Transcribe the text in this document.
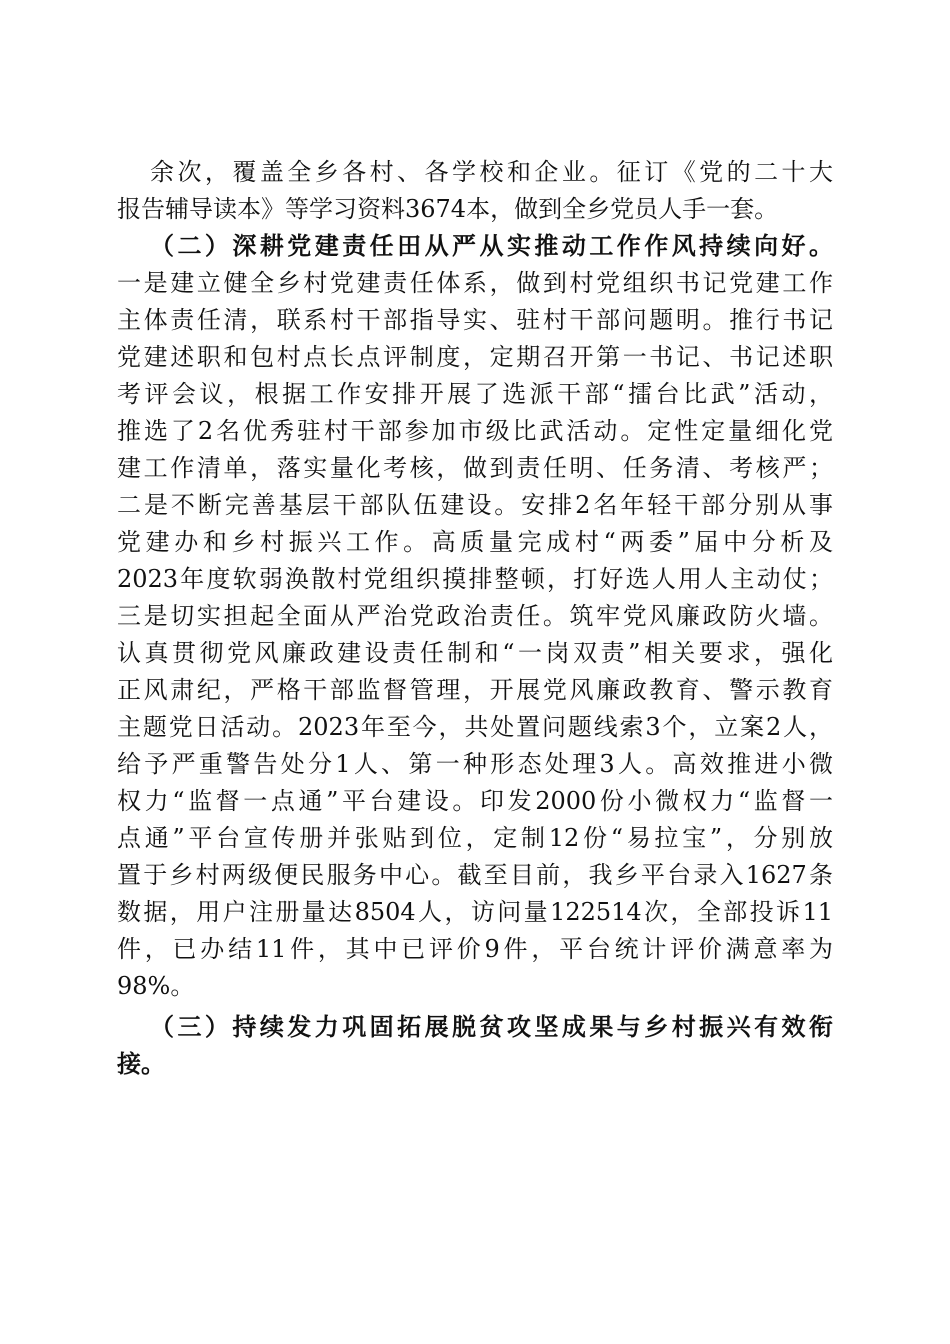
余次，覆盖全乡各村、各学校和企业。征订《党的二十大
报告辅导读本》等学习资料3674本，做到全乡党员人手一套。
（二）深耕党建责任田从严从实推动工作作风持续向好。
一是建立健全乡村党建责任体系，做到村党组织书记党建工作
主体责任清，联系村干部指导实、驻村干部问题明。推行书记
党建述职和包村点长点评制度，定期召开第一书记、书记述职
考评会议，根据工作安排开展了选派干部“擂台比武”活动，
推选了2名优秀驻村干部参加市级比武活动。定性定量细化党
建工作清单，落实量化考核，做到责任明、任务清、考核严；
二是不断完善基层干部队伍建设。安排2名年轻干部分别从事
党建办和乡村振兴工作。高质量完成村“两委”届中分析及
2023年度软弱涣散村党组织摸排整顿，打好选人用人主动仗；
三是切实担起全面从严治党政治责任。筑牢党风廉政防火墙。
认真贯彻党风廉政建设责任制和“一岗双责”相关要求，强化
正风肃纪，严格干部监督管理，开展党风廉政教育、警示教育
主题党日活动。2023年至今，共处置问题线索3个，立案2人，
给予严重警告处分1人、第一种形态处理3人。高效推进小微
权力“监督一点通”平台建设。印发2000份小微权力“监督一
点通”平台宣传册并张贴到位，定制12份“易拉宝”，分别放
置于乡村两级便民服务中心。截至目前，我乡平台录入1627条
数据，用户注册量达8504人，访问量122514次，全部投诉11
件，已办结11件，其中已评价9件，平台统计评价满意率为
98%。
（三）持续发力巩固拓展脱贫攻坚成果与乡村振兴有效衔
接。
